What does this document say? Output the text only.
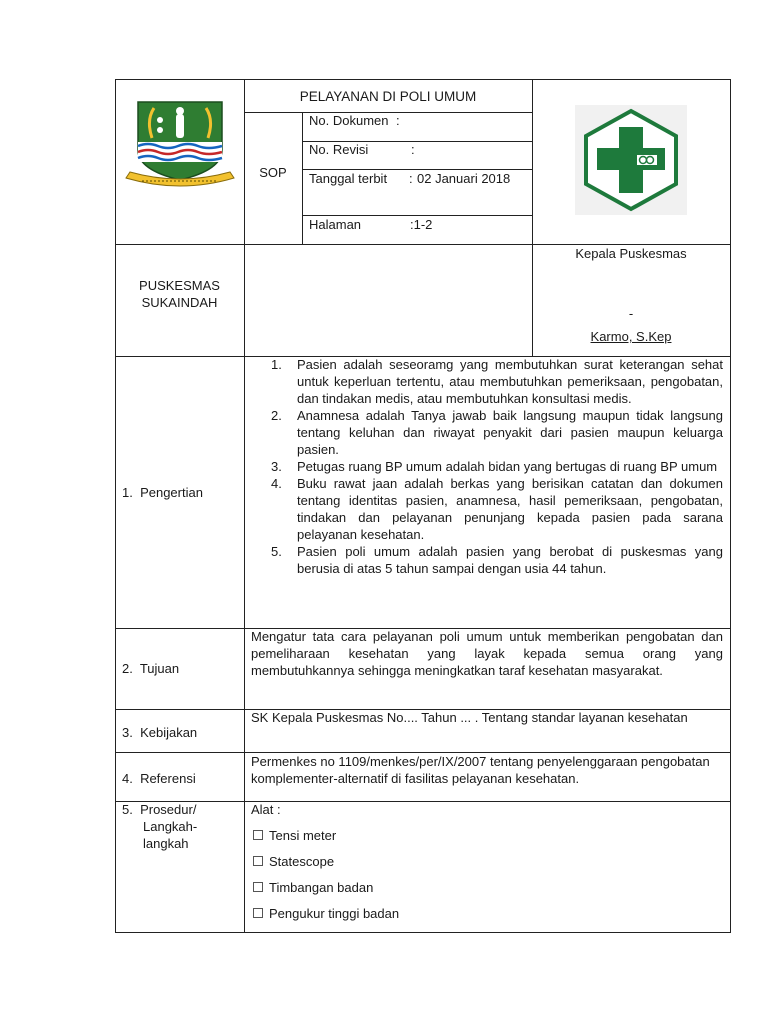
PELAYANAN DI POLI UMUM
SOP
No. Dokumen :
No. Revisi	:
Tanggal terbit : 02 Januari 2018
Halaman	:1-2
PUSKESMAS
SUKAINDAH
Kepala Puskesmas
-
Karmo, S.Kep
1.  Pengertian
1. Pasien adalah seseoramg yang membutuhkan surat keterangan sehat untuk keperluan tertentu, atau membutuhkan pemeriksaan, pengobatan, dan tindakan medis, atau membutuhkan konsultasi medis.
2. Anamnesa adalah Tanya jawab baik langsung maupun tidak langsung tentang keluhan dan riwayat penyakit dari pasien maupun keluarga pasien.
3. Petugas ruang BP umum adalah bidan yang bertugas di ruang BP umum
4. Buku rawat jaan adalah berkas yang berisikan catatan dan dokumen tentang identitas pasien, anamnesa, hasil pemeriksaan, pengobatan, tindakan dan pelayanan penunjang kepada pasien pada sarana pelayanan kesehatan.
5. Pasien poli umum adalah pasien yang berobat di puskesmas yang berusia di atas 5 tahun sampai dengan usia 44 tahun.
2.  Tujuan
Mengatur tata cara pelayanan poli umum untuk memberikan pengobatan dan pemeliharaan kesehatan yang layak kepada semua orang yang membutuhkannya sehingga meningkatkan taraf kesehatan masyarakat.
3.  Kebijakan
SK Kepala Puskesmas No.... Tahun ... . Tentang standar layanan kesehatan
4.  Referensi
Permenkes no 1109/menkes/per/IX/2007 tentang penyelenggaraan pengobatan komplementer-alternatif di fasilitas pelayanan kesehatan.
5.  Prosedur/
Langkah-
langkah
Alat :
Tensi meter
Statescope
Timbangan badan
Pengukur tinggi badan
